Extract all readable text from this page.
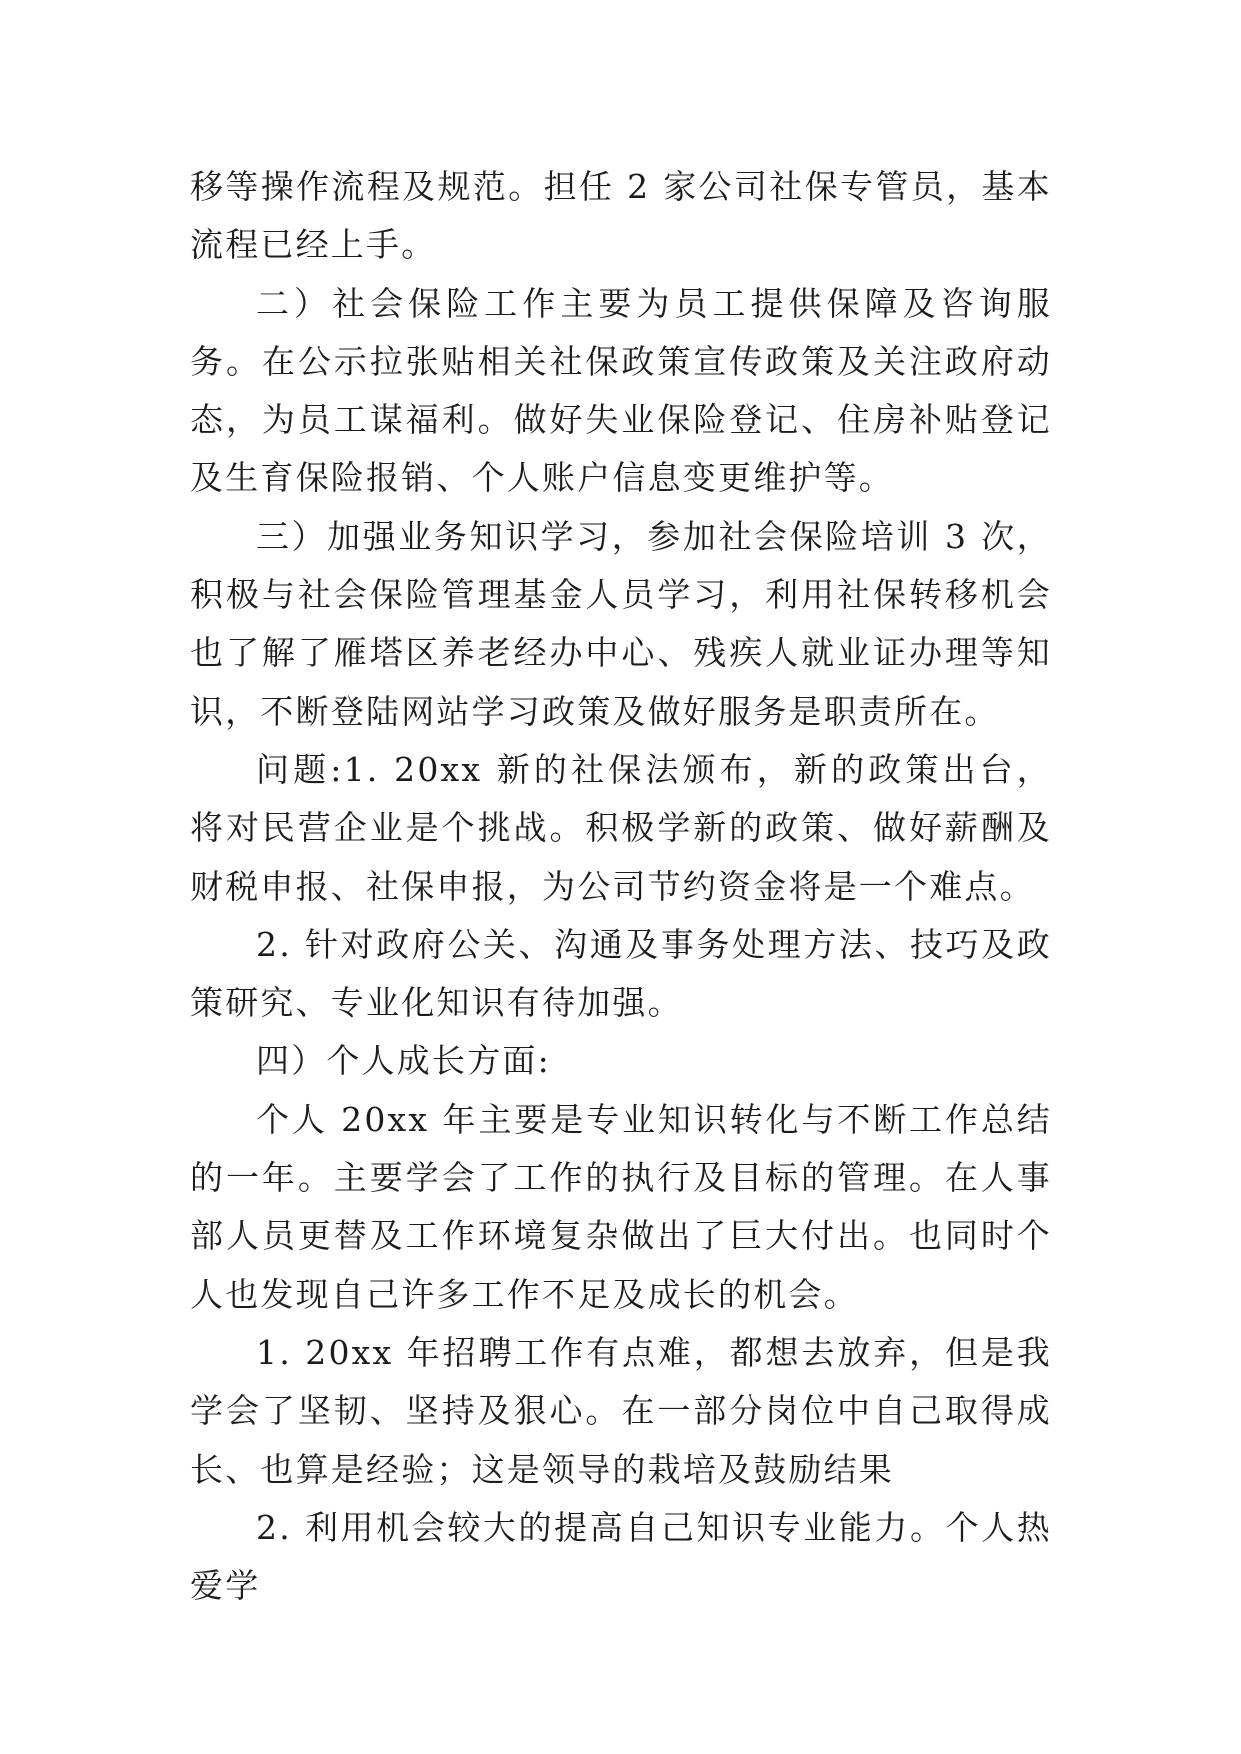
移等操作流程及规范。担任 2 家公司社保专管员，基本流程已经上手。

二）社会保险工作主要为员工提供保障及咨询服务。在公示拉张贴相关社保政策宣传政策及关注政府动态，为员工谋福利。做好失业保险登记、住房补贴登记及生育保险报销、个人账户信息变更维护等。

三）加强业务知识学习，参加社会保险培训 3 次，积极与社会保险管理基金人员学习，利用社保转移机会也了解了雁塔区养老经办中心、残疾人就业证办理等知识，不断登陆网站学习政策及做好服务是职责所在。

问题:1. 20xx 新的社保法颁布，新的政策出台，将对民营企业是个挑战。积极学新的政策、做好薪酬及财税申报、社保申报，为公司节约资金将是一个难点。

2. 针对政府公关、沟通及事务处理方法、技巧及政策研究、专业化知识有待加强。

四）个人成长方面:

个人 20xx 年主要是专业知识转化与不断工作总结的一年。主要学会了工作的执行及目标的管理。在人事部人员更替及工作环境复杂做出了巨大付出。也同时个人也发现自己许多工作不足及成长的机会。

1. 20xx 年招聘工作有点难，都想去放弃，但是我学会了坚韧、坚持及狠心。在一部分岗位中自己取得成长、也算是经验；这是领导的栽培及鼓励结果

2. 利用机会较大的提高自己知识专业能力。个人热爱学
